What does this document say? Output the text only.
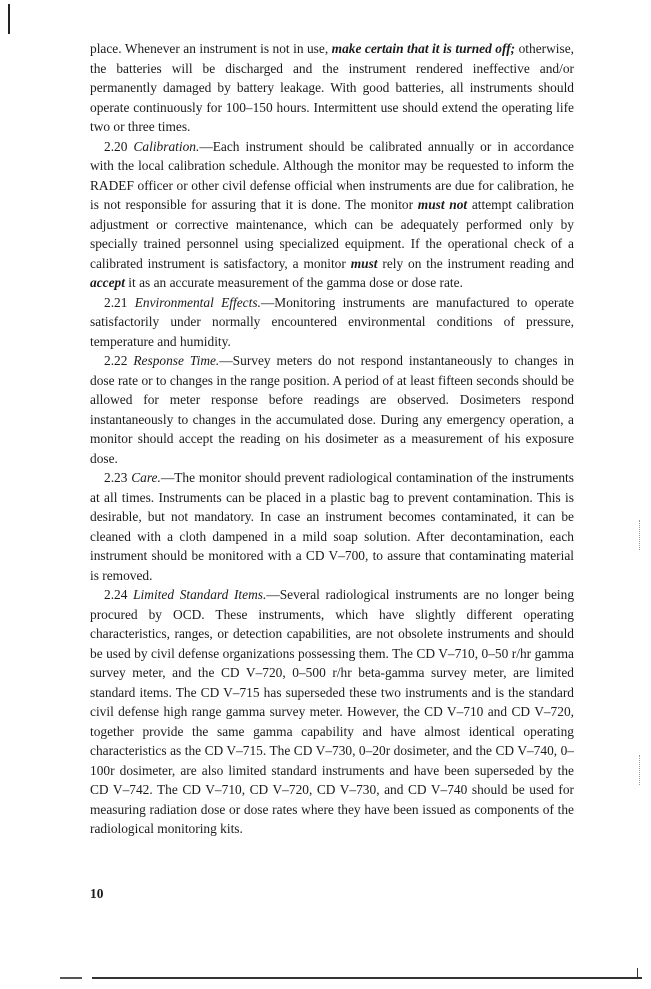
place. Whenever an instrument is not in use, make certain that it is turned off; otherwise, the batteries will be discharged and the instrument rendered ineffective and/or permanently damaged by battery leakage. With good batteries, all instruments should operate continuously for 100–150 hours. Intermittent use should extend the operating life two or three times.

2.20 Calibration.—Each instrument should be calibrated annually or in accordance with the local calibration schedule. Although the monitor may be requested to inform the RADEF officer or other civil defense official when instruments are due for calibration, he is not responsible for assuring that it is done. The monitor must not attempt calibration adjustment or corrective maintenance, which can be adequately performed only by specially trained personnel using specialized equipment. If the operational check of a calibrated instrument is satisfactory, a monitor must rely on the instrument reading and accept it as an accurate measurement of the gamma dose or dose rate.

2.21 Environmental Effects.—Monitoring instruments are manufactured to operate satisfactorily under normally encountered environmental conditions of pressure, temperature and humidity.

2.22 Response Time.—Survey meters do not respond instantaneously to changes in dose rate or to changes in the range position. A period of at least fifteen seconds should be allowed for meter response before readings are observed. Dosimeters respond instantaneously to changes in the accumulated dose. During any emergency operation, a monitor should accept the reading on his dosimeter as a measurement of his exposure dose.

2.23 Care.—The monitor should prevent radiological contamination of the instruments at all times. Instruments can be placed in a plastic bag to prevent contamination. This is desirable, but not mandatory. In case an instrument becomes contaminated, it can be cleaned with a cloth dampened in a mild soap solution. After decontamination, each instrument should be monitored with a CD V–700, to assure that contaminating material is removed.

2.24 Limited Standard Items.—Several radiological instruments are no longer being procured by OCD. These instruments, which have slightly different operating characteristics, ranges, or detection capabilities, are not obsolete instruments and should be used by civil defense organizations possessing them. The CD V–710, 0–50 r/hr gamma survey meter, and the CD V–720, 0–500 r/hr beta-gamma survey meter, are limited standard items. The CD V–715 has superseded these two instruments and is the standard civil defense high range gamma survey meter. However, the CD V–710 and CD V–720, together provide the same gamma capability and have almost identical operating characteristics as the CD V–715. The CD V–730, 0–20r dosimeter, and the CD V–740, 0–100r dosimeter, are also limited standard instruments and have been superseded by the CD V–742. The CD V–710, CD V–720, CD V–730, and CD V–740 should be used for measuring radiation dose or dose rates where they have been issued as components of the radiological monitoring kits.

10
